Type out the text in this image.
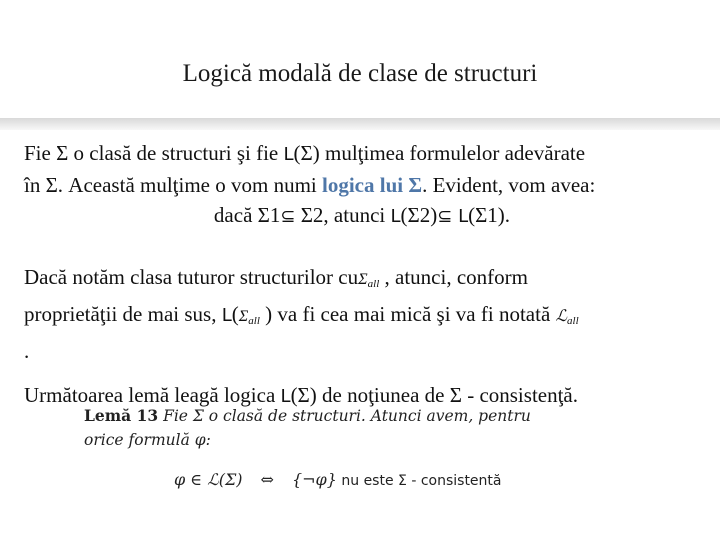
Logică modală de clase de structuri
Fie Σ o clasă de structuri şi fie L(Σ) mulţimea formulelor adevărate
în Σ. Această mulţime o vom numi logica lui Σ. Evident, vom avea:
dacă Σ1⊆ Σ2, atunci L(Σ2)⊆ L(Σ1).
Dacă notăm clasa tuturor structurilor cuΣ$_{all}$ , atunci, conform
proprietăţii de mai sus, $L(\Sigma_{all}$ ) va fi cea mai mică şi va fi notată ℒ$_{all}$
.
Următoarea lemă leagă logica L(Σ) de noţiunea de Σ - consistenţă.
Lemă 13 Fie Σ o clasă de structuri. Atunci avem, pentru
orice formulă φ:
φ ∈ ℒ(Σ) ⇔ {¬φ} nu este Σ - consistentă
